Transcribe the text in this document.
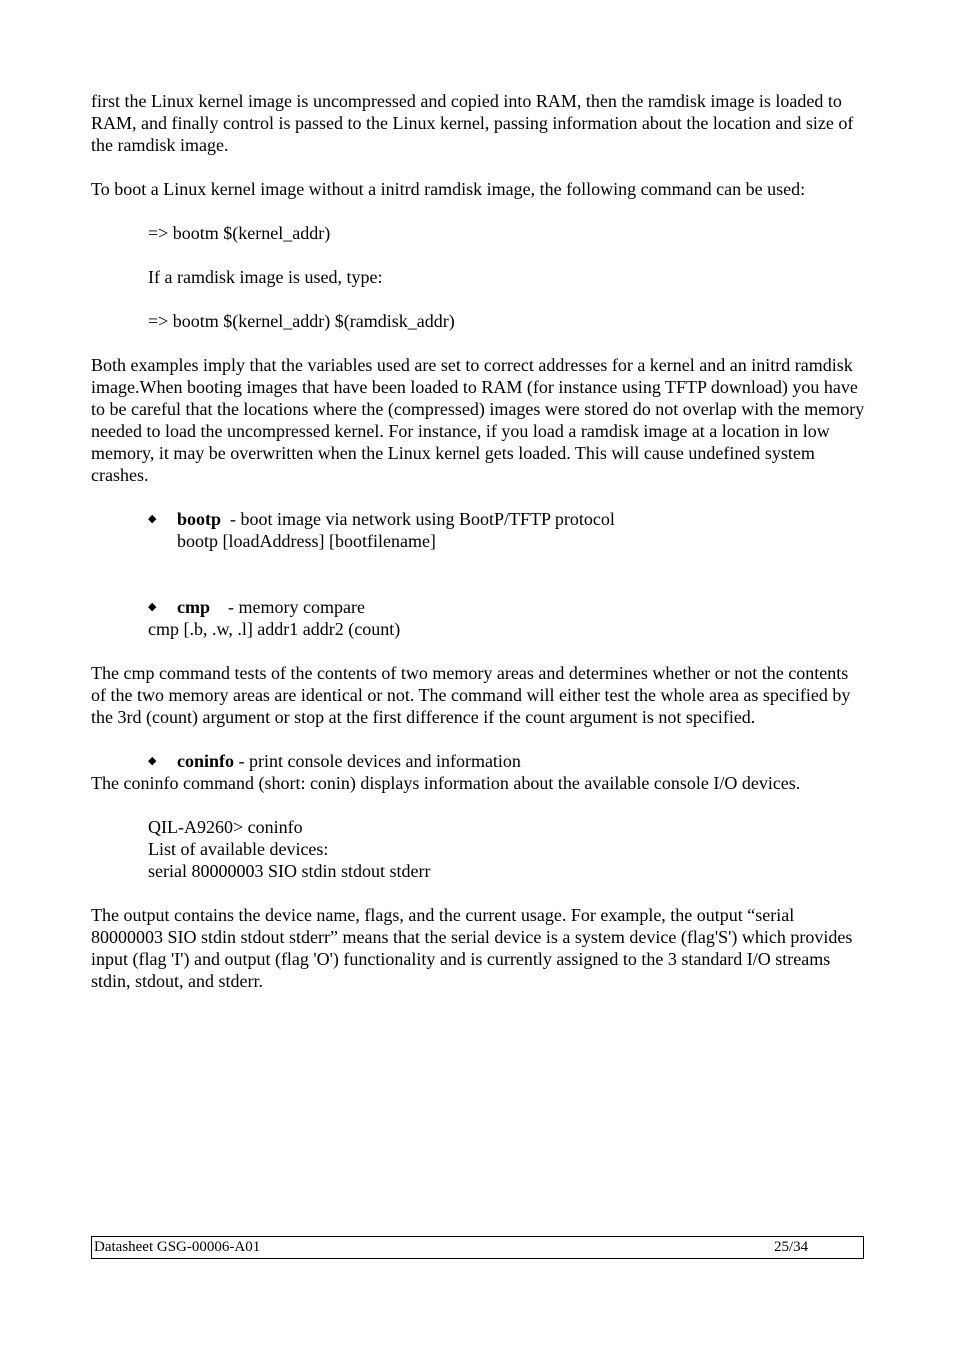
first the Linux kernel image is uncompressed and copied into RAM, then the ramdisk image is loaded to RAM, and finally control is passed to the Linux kernel, passing information about the location and size of the ramdisk image.

To boot a Linux kernel image without a initrd ramdisk image, the following command can be used:

=> bootm $(kernel_addr)

If a ramdisk image is used, type:

=> bootm $(kernel_addr) $(ramdisk_addr)

Both examples imply that the variables used are set to correct addresses for a kernel and an initrd ramdisk image.When booting images that have been loaded to RAM (for instance using TFTP download) you have to be careful that the locations where the (compressed) images were stored do not overlap with the memory needed to load the uncompressed kernel. For instance, if you load a ramdisk image at a location in low memory, it may be overwritten when the Linux kernel gets loaded. This will cause undefined system crashes.

◆ bootp  - boot image via network using BootP/TFTP protocol
bootp [loadAddress] [bootfilename]
◆ cmp    - memory compare

cmp [.b, .w, .l] addr1 addr2 (count)

The cmp command tests of the contents of two memory areas and determines whether or not the contents of the two memory areas are identical or not. The command will either test the whole area as specified by the 3rd (count) argument or stop at the first difference if the count argument is not specified.

◆ coninfo - print console devices and information

The coninfo command (short: conin) displays information about the available console I/O devices.

QIL-A9260> coninfo
List of available devices:
serial 80000003 SIO stdin stdout stderr

The output contains the device name, flags, and the current usage. For example, the output “serial 80000003 SIO stdin stdout stderr” means that the serial device is a system device (flag'S') which provides input (flag 'I') and output (flag 'O') functionality and is currently assigned to the 3 standard I/O streams stdin, stdout, and stderr.

Datasheet GSG-00006-A01	25/34
